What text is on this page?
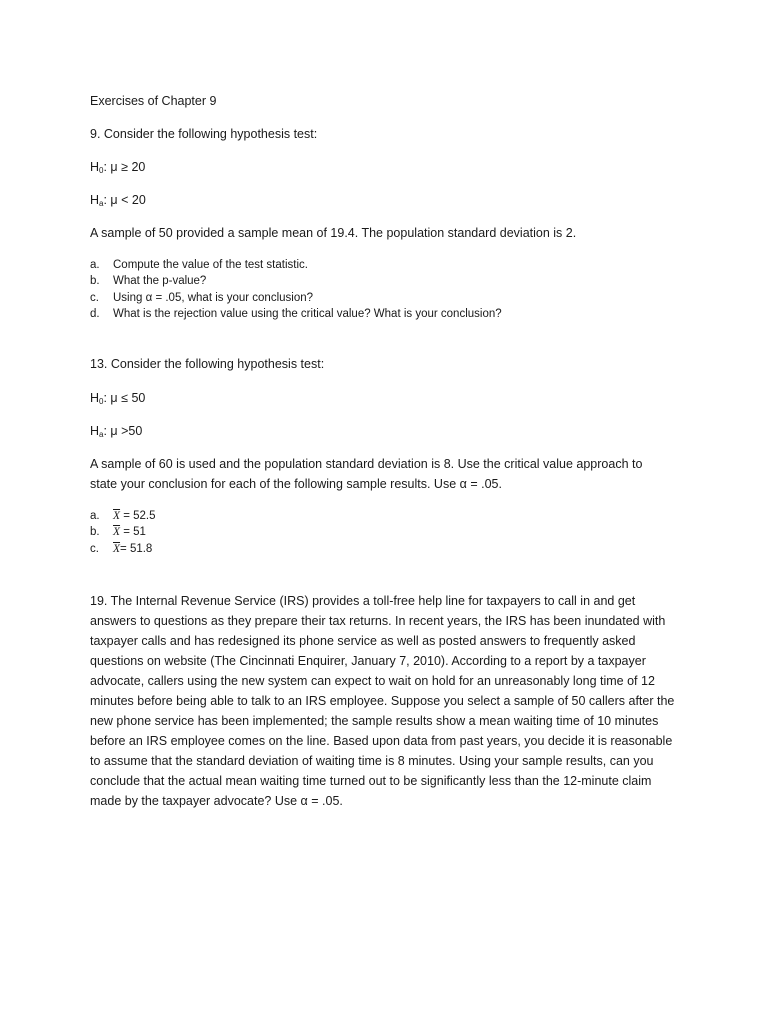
Exercises of Chapter 9
9. Consider the following hypothesis test:
$H_0$: μ ≥ 20
$H_a$: μ < 20
A sample of 50 provided a sample mean of 19.4. The population standard deviation is 2.
a. Compute the value of the test statistic.
b. What the p-value?
c. Using α = .05, what is your conclusion?
d. What is the rejection value using the critical value? What is your conclusion?
13. Consider the following hypothesis test:
$H_0$: μ ≤ 50
$H_a$: μ >50
A sample of 60 is used and the population standard deviation is 8. Use the critical value approach to
state your conclusion for each of the following sample results. Use α = .05.
a. $\overline{X} = 52.5$
b. $\overline{X} = 51$
c. $\overline{X}= 51.8$
19. The Internal Revenue Service (IRS) provides a toll-free help line for taxpayers to call in and get
answers to questions as they prepare their tax returns. In recent years, the IRS has been inundated with
taxpayer calls and has redesigned its phone service as well as posted answers to frequently asked
questions on website (The Cincinnati Enquirer, January 7, 2010). According to a report by a taxpayer
advocate, callers using the new system can expect to wait on hold for an unreasonably long time of 12
minutes before being able to talk to an IRS employee. Suppose you select a sample of 50 callers after the
new phone service has been implemented; the sample results show a mean waiting time of 10 minutes
before an IRS employee comes on the line. Based upon data from past years, you decide it is reasonable
to assume that the standard deviation of waiting time is 8 minutes. Using your sample results, can you
conclude that the actual mean waiting time turned out to be significantly less than the 12-minute claim
made by the taxpayer advocate? Use α = .05.
